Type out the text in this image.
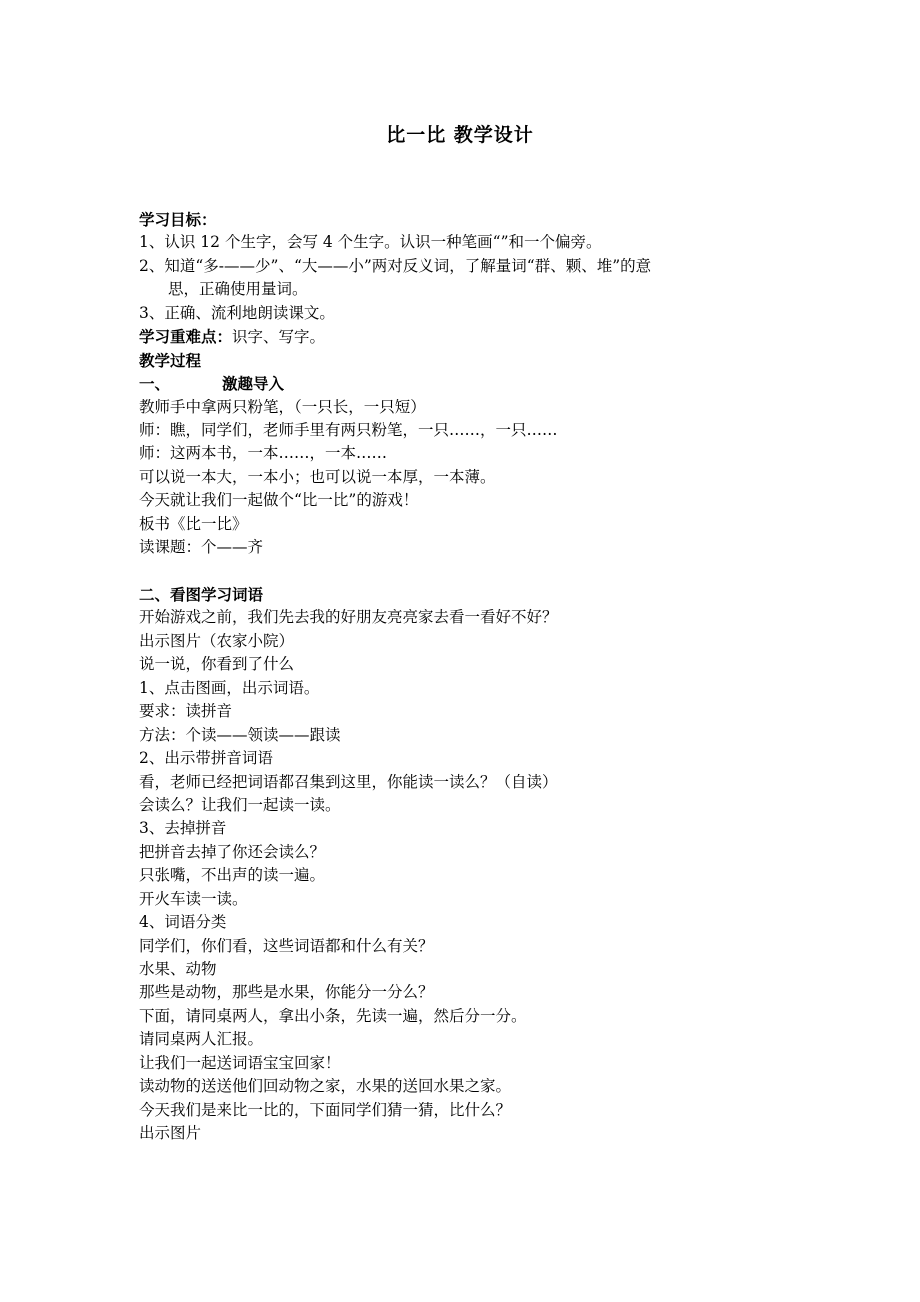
比一比 教学设计
学习目标：
1、认识 12 个生字，会写 4 个生字。认识一种笔画“”和一个偏旁。
2、知道“多-——少”、“大——小”两对反义词，了解量词“群、颗、堆”的意
思，正确使用量词。
3、正确、流利地朗读课文。
学习重难点：识字、写字。
教学过程
一、	激趣导入
教师手中拿两只粉笔，（一只长，一只短）
师：瞧，同学们，老师手里有两只粉笔，一只……，一只……
师：这两本书，一本……，一本……
可以说一本大，一本小；也可以说一本厚，一本薄。
今天就让我们一起做个“比一比”的游戏！
板书《比一比》
读课题：个——齐
二、看图学习词语
开始游戏之前，我们先去我的好朋友亮亮家去看一看好不好？
出示图片（农家小院）
说一说，你看到了什么
1、点击图画，出示词语。
要求：读拼音
方法：个读——领读——跟读
2、出示带拼音词语
看，老师已经把词语都召集到这里，你能读一读么？（自读）
会读么？让我们一起读一读。
3、去掉拼音
把拼音去掉了你还会读么？
只张嘴，不出声的读一遍。
开火车读一读。
4、词语分类
同学们，你们看，这些词语都和什么有关？
水果、动物
那些是动物，那些是水果，你能分一分么？
下面，请同桌两人，拿出小条，先读一遍，然后分一分。
请同桌两人汇报。
让我们一起送词语宝宝回家！
读动物的送送他们回动物之家，水果的送回水果之家。
今天我们是来比一比的，下面同学们猜一猜，比什么？
出示图片
